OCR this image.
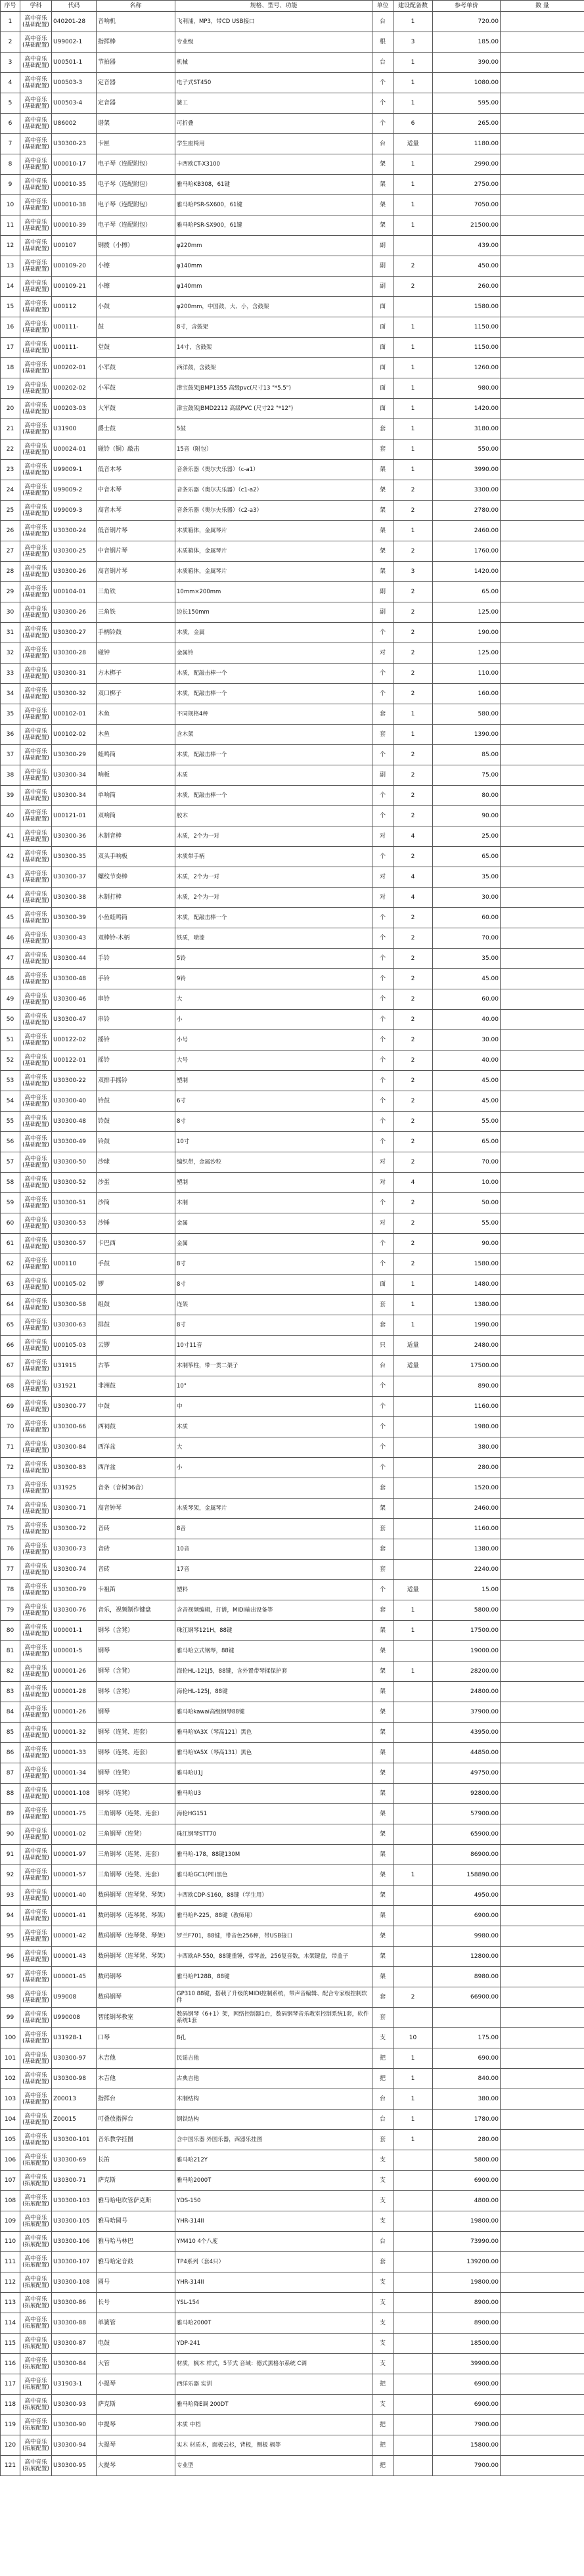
序号	学科	代码	名称	规格、型号、功能	单位	建设配备数	参考单价	数 量
1	高中音乐(基础配置)	040201-28	音响机	飞利浦，MP3，带CD USB接口	台	1	720.00	
2	高中音乐(基础配置)	U99002-1	指挥棒	专业级	根	3	185.00	
3	高中音乐(基础配置)	U00501-1	节拍器	机械	台	1	390.00	
4	高中音乐(基础配置)	U00503-3	定音器	电子式ST450	个	1	1080.00	
5	高中音乐(基础配置)	U00503-4	定音器	簧工	个	1	595.00	
6	高中音乐(基础配置)	U86002	谱架	可折叠	个	6	265.00	
7	高中音乐(基础配置)	U30300-23	卡匣	学生座椅用	台	适量	1180.00	
8	高中音乐(基础配置)	U00010-17	电子琴（连配附包）	卡西欧CT-X3100	架	1	2990.00	
9	高中音乐(基础配置)	U00010-35	电子琴（连配附包）	雅马哈KB308，61键	架	1	2750.00	
10	高中音乐(基础配置)	U00010-38	电子琴（连配附包）	雅马哈PSR-SX600，61键	架	1	7050.00	
11	高中音乐(基础配置)	U00010-39	电子琴（连配附包）	雅马哈PSR-SX900，61键	架	1	21500.00	
12	高中音乐(基础配置)	U00107	钢拨（小擦）	φ220mm	副		439.00	
13	高中音乐(基础配置)	U00109-20	小镲	φ140mm	副	2	450.00	
14	高中音乐(基础配置)	U00109-21	小镲	φ140mm	副	2	260.00	
15	高中音乐(基础配置)	U00112	小鼓	φ200mm，中国鼓，大、小，含鼓架	面		1580.00	
16	高中音乐(基础配置)	U00111-	鼓	8寸，含鼓架	面	1	1150.00	
17	高中音乐(基础配置)	U00111-	堂鼓	14寸，含鼓架	面	1	1150.00	
18	高中音乐(基础配置)	U00202-01	小军鼓	西洋鼓，含鼓架	面	1	1260.00	
19	高中音乐(基础配置)	U00202-02	小军鼓	津宝鼓架JBMP1355 高级pvc(尺寸13 "*5.5")	面	1	980.00	
20	高中音乐(基础配置)	U00203-03	大军鼓	津宝鼓架JBMD2212 高级PVC (尺寸22 "*12")	面	1	1420.00	
21	高中音乐(基础配置)	U31900	爵士鼓	5鼓	套	1	3180.00	
22	高中音乐(基础配置)	U00024-01	碰铃（铜）敲击	15音（附包）	套	1	550.00	
23	高中音乐(基础配置)	U99009-1	低音木琴	音条乐器（奥尔夫乐器）（c-a1）	架	1	3990.00	
24	高中音乐(基础配置)	U99009-2	中音木琴	音条乐器（奥尔夫乐器）（c1-a2）	架	2	3300.00	
25	高中音乐(基础配置)	U99009-3	高音木琴	音条乐器（奥尔夫乐器）（c2-a3）	架	2	2780.00	
26	高中音乐(基础配置)	U30300-24	低音钢片琴	木质箱体，金属琴片	架	1	2460.00	
27	高中音乐(基础配置)	U30300-25	中音钢片琴	木质箱体，金属琴片	架	2	1760.00	
28	高中音乐(基础配置)	U30300-26	高音钢片琴	木质箱体，金属琴片	架	3	1420.00	
29	高中音乐(基础配置)	U00104-01	三角铁	10mm×200mm	副	2	65.00	
30	高中音乐(基础配置)	U30300-26	三角铁	边长150mm	副	2	125.00	
31	高中音乐(基础配置)	U30300-27	手柄铃鼓	木质，金属	个	2	190.00	
32	高中音乐(基础配置)	U30300-28	碰钟	金属铃	对	2	125.00	
33	高中音乐(基础配置)	U30300-31	方木梆子	木质，配敲击棒一个	个	2	110.00	
34	高中音乐(基础配置)	U30300-32	双口梆子	木质，配敲击棒一个	个	2	160.00	
35	高中音乐(基础配置)	U00102-01	木鱼	不同规格4种	套	1	580.00	
36	高中音乐(基础配置)	U00102-02	木鱼	含木架	套	1	1390.00	
37	高中音乐(基础配置)	U30300-29	蛙鸣筒	木质，配敲击棒一个	个	2	85.00	
38	高中音乐(基础配置)	U30300-34	响板	木质	副	2	75.00	
39	高中音乐(基础配置)	U30300-34	单响筒	木质，配敲击棒一个	个	2	80.00	
40	高中音乐(基础配置)	U00121-01	双响筒	胶木	个	2	90.00	
41	高中音乐(基础配置)	U30300-36	木制音棒	木质，2个为一对	对	4	25.00	
42	高中音乐(基础配置)	U30300-35	双头手响板	木质带手柄	个	2	65.00	
43	高中音乐(基础配置)	U30300-37	螺纹节奏棒	木质，2个为一对	对	4	35.00	
44	高中音乐(基础配置)	U30300-38	木制打棒	木质，2个为一对	对	4	30.00	
45	高中音乐(基础配置)	U30300-39	小鱼蛙鸣筒	木质，配敲击棒一个	个	2	60.00	
46	高中音乐(基础配置)	U30300-43	双棒铃-木柄	铁质，喷漆	个	2	70.00	
47	高中音乐(基础配置)	U30300-44	手铃	5铃	个	2	35.00	
48	高中音乐(基础配置)	U30300-48	手铃	9铃	个	2	45.00	
49	高中音乐(基础配置)	U30300-46	串铃	大	个	2	60.00	
50	高中音乐(基础配置)	U30300-47	串铃	小	个	2	40.00	
51	高中音乐(基础配置)	U00122-02	摇铃	小号	个	2	30.00	
52	高中音乐(基础配置)	U00122-01	摇铃	大号	个	2	40.00	
53	高中音乐(基础配置)	U30300-22	双排手摇铃	塑制	个	2	45.00	
54	高中音乐(基础配置)	U30300-40	铃鼓	6寸	个	2	45.00	
55	高中音乐(基础配置)	U30300-48	铃鼓	8寸	个	2	55.00	
56	高中音乐(基础配置)	U30300-49	铃鼓	10寸	个	2	65.00	
57	高中音乐(基础配置)	U30300-50	沙球	编织带，金属沙粒	对	2	70.00	
58	高中音乐(基础配置)	U30300-52	沙蛋	塑制	对	4	10.00	
59	高中音乐(基础配置)	U30300-51	沙筒	木制	个	2	50.00	
60	高中音乐(基础配置)	U30300-53	沙锤	金属	对	2	55.00	
61	高中音乐(基础配置)	U30300-57	卡巴西	金属	个	2	90.00	
62	高中音乐(基础配置)	U00110	手鼓	8寸	个	2	1580.00	
63	高中音乐(基础配置)	U00105-02	锣	8寸	面	1	1480.00	
64	高中音乐(基础配置)	U30300-58	组鼓	连架	套	1	1380.00	
65	高中音乐(基础配置)	U30300-63	排鼓	8寸	套	1	1990.00	
66	高中音乐(基础配置)	U00105-03	云锣	10寸11音	只	适量	2480.00	
67	高中音乐(基础配置)	U31915	古筝	木制筝柱，带一贯二架子	台	适量	17500.00	
68	高中音乐(基础配置)	U31921	非洲鼓	10"	个		890.00	
69	高中音乐(基础配置)	U30300-77	中鼓	中	个		1160.00	
70	高中音乐(基础配置)	U30300-66	西祠鼓	木质	个		1980.00	
71	高中音乐(基础配置)	U30300-84	西洋盆	大	个		380.00	
72	高中音乐(基础配置)	U30300-83	西洋盆	小	个		280.00	
73	高中音乐(基础配置)	U31925	音条（音树36音）		套		1520.00	
74	高中音乐(基础配置)	U30300-71	高音钟琴	木质琴架，金属琴片	架		2460.00	
75	高中音乐(基础配置)	U30300-72	音砖	8音	套		1160.00	
76	高中音乐(基础配置)	U30300-73	音砖	10音	套		1380.00	
77	高中音乐(基础配置)	U30300-74	音砖	17音	套		2240.00	
78	高中音乐(基础配置)	U30300-79	卡祖笛	塑料	个	适量	15.00	
79	高中音乐(基础配置)	U30300-76	音乐，视频制作键盘	含音视频编辑，打谱，MIDI输出设备等	套	1	5800.00	
80	高中音乐(基础配置)	U00001-1	钢琴（含凳）	珠江钢琴121H，88键	架	1	17500.00	
81	高中音乐(基础配置)	U00001-5	钢琴	雅马哈立式钢琴，88键	架		19000.00	
82	高中音乐(基础配置)	U00001-26	钢琴（含凳）	海伦HL-121J5，88键，含外置带琴揉保护套	架	1	28200.00	
83	高中音乐(基础配置)	U00001-28	钢琴（含凳）	海伦HL-125J，88键	架		24800.00	
84	高中音乐(基础配置)	U00001-26	钢琴	雅马哈kawai高级钢琴88键	架		37900.00	
85	高中音乐(基础配置)	U00001-32	钢琴（连凳、连套）	雅马哈YA3X（琴高121）黑色	架		43950.00	
86	高中音乐(基础配置)	U00001-33	钢琴（连凳、连套）	雅马哈YA5X（琴高131）黑色	架		44850.00	
87	高中音乐(基础配置)	U00001-34	钢琴（连凳）	雅马哈U1J	架		49750.00	
88	高中音乐(基础配置)	U00001-108	钢琴（连凳）	雅马哈U3	架		92800.00	
89	高中音乐(基础配置)	U00001-75	三角钢琴（连凳、连套）	海伦HG151	架		57900.00	
90	高中音乐(基础配置)	U00001-02	三角钢琴（连凳）	珠江钢琴STT70	架		65900.00	
91	高中音乐(基础配置)	U00001-97	三角钢琴（连凳、连套）	雅马哈-178，88键130M	架		86900.00	
92	高中音乐(基础配置)	U00001-57	三角钢琴（连凳、连套）	雅马哈GC1(PE)黑色	架	1	158890.00	
93	高中音乐(基础配置)	U00001-40	数码钢琴（连琴凳、琴架）	卡西欧CDP-S160，88键（学生用）	架		4950.00	
94	高中音乐(基础配置)	U00001-41	数码钢琴（连琴凳、琴架）	雅马哈P-225，88键（教师用）	架		6900.00	
95	高中音乐(基础配置)	U00001-42	数码钢琴（连琴凳、琴架）	罗兰F701，88键，带音色256种，带USB接口	架		9980.00	
96	高中音乐(基础配置)	U00001-43	数码钢琴（连琴凳、琴架）	卡西欧AP-550，88键重锤，带琴盖，256复音数，木架键盘，带盖子	架		12800.00	
97	高中音乐(基础配置)	U00001-45	数码钢琴	雅马哈P128B，88键	架		8980.00	
98	高中音乐(基础配置)	U99008	数码钢琴	GP310 88键，搭载了升级的MIDI控制系统，带声音编辑、配合专家级控制软件	套	2	66900.00	
99	高中音乐(基础配置)	U990008	智能钢琴教室	数码钢琴（6+1）架，网络控制器1台，数码钢琴音乐教室控制系统1套，软件系统1套	套			
100	高中音乐(基础配置)	U31928-1	口琴	8孔	支	10	175.00	
101	高中音乐(基础配置)	U30300-97	木吉他	民谣吉他	把	1	690.00	
102	高中音乐(基础配置)	U30300-98	木吉他	古典吉他	把	1	840.00	
103	高中音乐(基础配置)	Z00013	指挥台	木制结构	台	1	380.00	
104	高中音乐(基础配置)	Z00015	可叠放指挥台	钢铁结构	台	1	1780.00	
105	高中音乐(基础配置)	U30300-101	音乐教学挂图	含中国乐器 外国乐器，西器乐挂图	套	1	280.00	
106	高中音乐(拓展配置)	U30300-69	长笛	雅马哈212Y	支		5800.00	
107	高中音乐(拓展配置)	U30300-71	萨克斯	雅马哈2000T	支		6900.00	
108	高中音乐(拓展配置)	U30300-103	雅马哈电吹管萨克斯	YDS-150	支		4800.00	
109	高中音乐(拓展配置)	U30300-105	雅马哈圆号	YHR-314II	支		19800.00	
110	高中音乐(拓展配置)	U30300-106	雅马哈马林巴	YM410 4个八度	台		73990.00	
111	高中音乐(拓展配置)	U30300-107	雅马哈定音鼓	TP4系列（套4只）	套		139200.00	
112	高中音乐(拓展配置)	U30300-108	圆号	YHR-314II	支		19800.00	
113	高中音乐(拓展配置)	U30300-86	长号	YSL-154	支		8900.00	
114	高中音乐(拓展配置)	U30300-88	单簧管	雅马哈2000T	支		8900.00	
115	高中音乐(拓展配置)	U30300-87	电鼓	YDP-241	支		18500.00	
116	高中音乐(拓展配置)	U30300-84	大管	材质，枫木 样式，5节式 音域：德式黑格尔系统 C调	支		39900.00	
117	高中音乐(拓展配置)	U31903-1	小提琴	西洋乐器 实训	把		6900.00	
118	高中音乐(拓展配置)	U30300-93	萨克斯	雅马哈降E调 200DT	支		6900.00	
119	高中音乐(拓展配置)	U30300-90	中提琴	木质 中档	把		7900.00	
120	高中音乐(拓展配置)	U30300-94	大提琴	实木 材质木，面板云杉，背板，侧板 枫等	把		15800.00	
121	高中音乐(拓展配置)	U30300-95	大提琴	专业型	把		7900.00	
